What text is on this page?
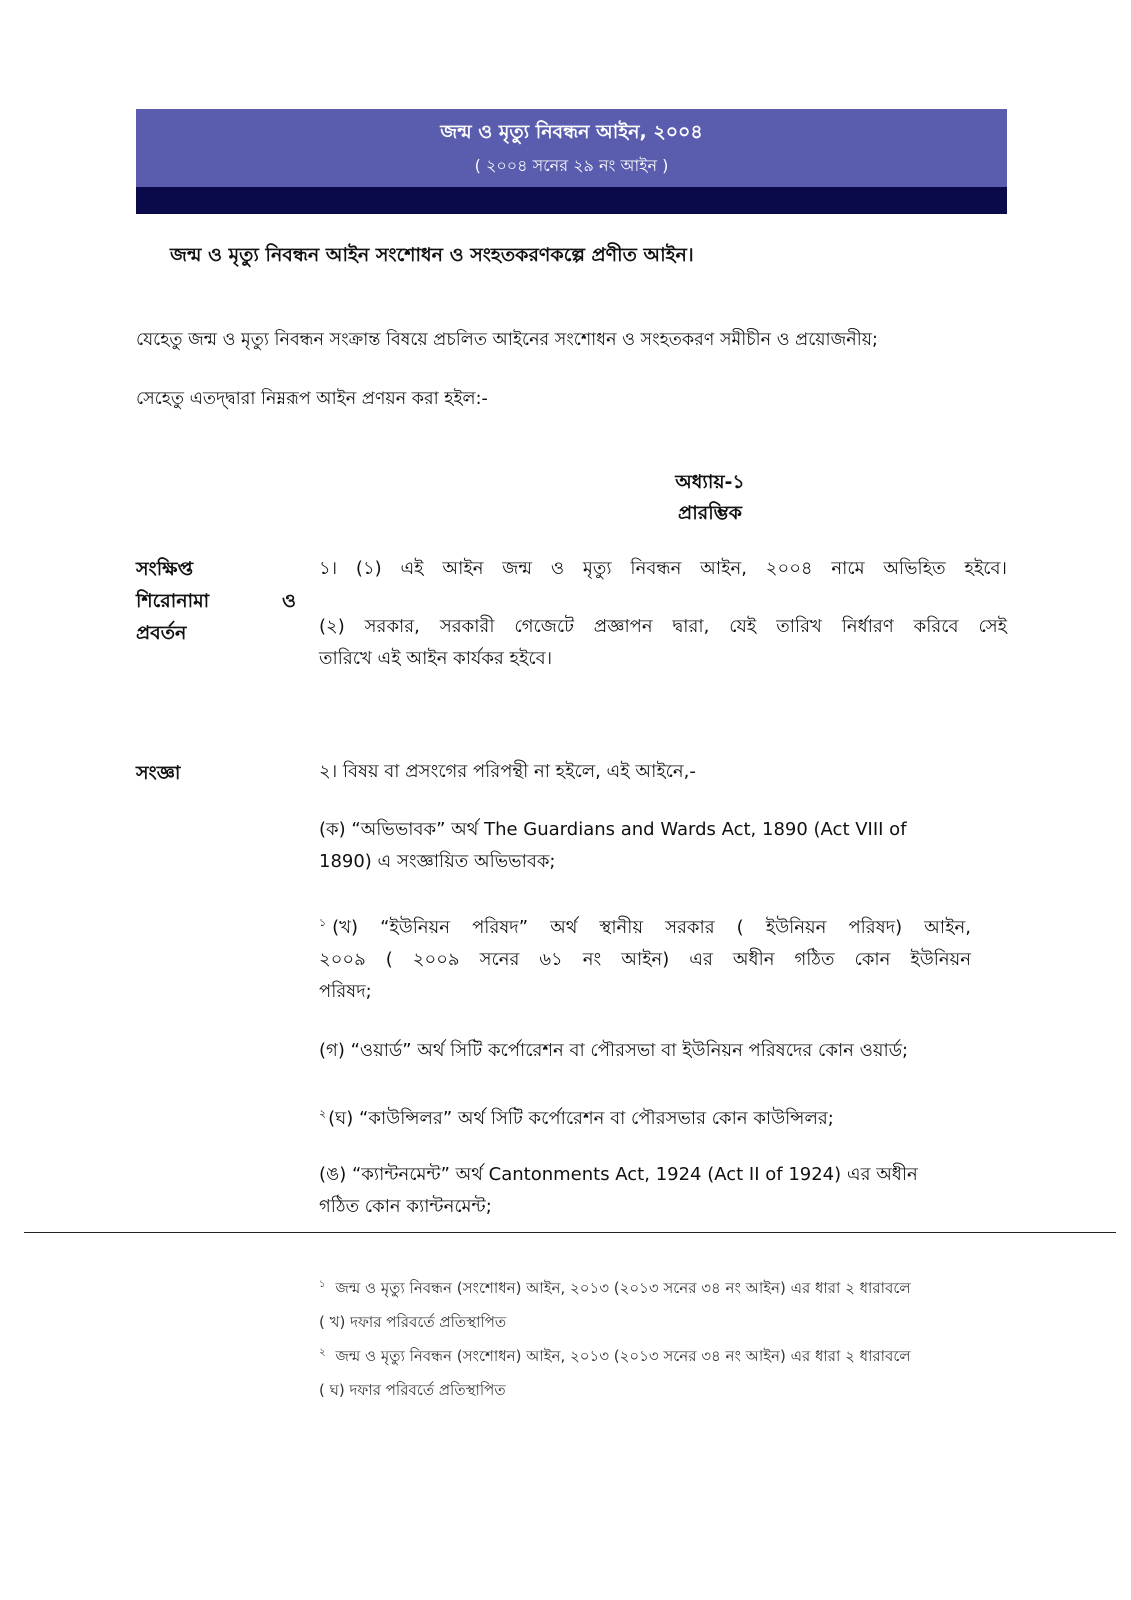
জন্ম ও মৃত্যু নিবন্ধন আইন, ২০০৪
( ২০০৪ সনের ২৯ নং আইন )
জন্ম ও মৃত্যু নিবন্ধন আইন সংশোধন ও সংহতকরণকল্পে প্রণীত আইন।
যেহেতু জন্ম ও মৃত্যু নিবন্ধন সংক্রান্ত বিষয়ে প্রচলিত আইনের সংশোধন ও সংহতকরণ সমীচীন ও প্রয়োজনীয়;
সেহেতু এতদ্দ্বারা নিম্নরূপ আইন প্রণয়ন করা হইল:-
অধ্যায়-১
প্রারম্ভিক
সংক্ষিপ্ত
শিরোনামা	ও
প্রবর্তন
১। (১) এই আইন জন্ম ও মৃত্যু নিবন্ধন আইন, ২০০৪ নামে অভিহিত হইবে।
(২) সরকার, সরকারী গেজেটে প্রজ্ঞাপন দ্বারা, যেই তারিখ নির্ধারণ করিবে সেই
তারিখে এই আইন কার্যকর হইবে।
সংজ্ঞা	২। বিষয় বা প্রসংগের পরিপন্থী না হইলে, এই আইনে,-
(ক) “অভিভাবক” অর্থ The Guardians and Wards Act, 1890 (Act VIII of
1890) এ সংজ্ঞায়িত অভিভাবক;
$^১$ (খ) “ইউনিয়ন পরিষদ” অর্থ স্থানীয় সরকার ( ইউনিয়ন পরিষদ) আইন,
২০০৯ ( ২০০৯ সনের ৬১ নং আইন) এর অধীন গঠিত কোন ইউনিয়ন
পরিষদ;
(গ) “ওয়ার্ড” অর্থ সিটি কর্পোরেশন বা পৌরসভা বা ইউনিয়ন পরিষদের কোন ওয়ার্ড;
$^২$ (ঘ) “কাউন্সিলর” অর্থ সিটি কর্পোরেশন বা পৌরসভার কোন কাউন্সিলর;
(ঙ) “ক্যান্টনমেন্ট” অর্থ Cantonments Act, 1924 (Act II of 1924) এর অধীন
গঠিত কোন ক্যান্টনমেন্ট;
$^১$ জন্ম ও মৃত্যু নিবন্ধন (সংশোধন) আইন, ২০১৩ (২০১৩ সনের ৩৪ নং আইন) এর ধারা ২ ধারাবলে
( খ) দফার পরিবর্তে প্রতিস্থাপিত
$^২$ জন্ম ও মৃত্যু নিবন্ধন (সংশোধন) আইন, ২০১৩ (২০১৩ সনের ৩৪ নং আইন) এর ধারা ২ ধারাবলে
( ঘ) দফার পরিবর্তে প্রতিস্থাপিত
